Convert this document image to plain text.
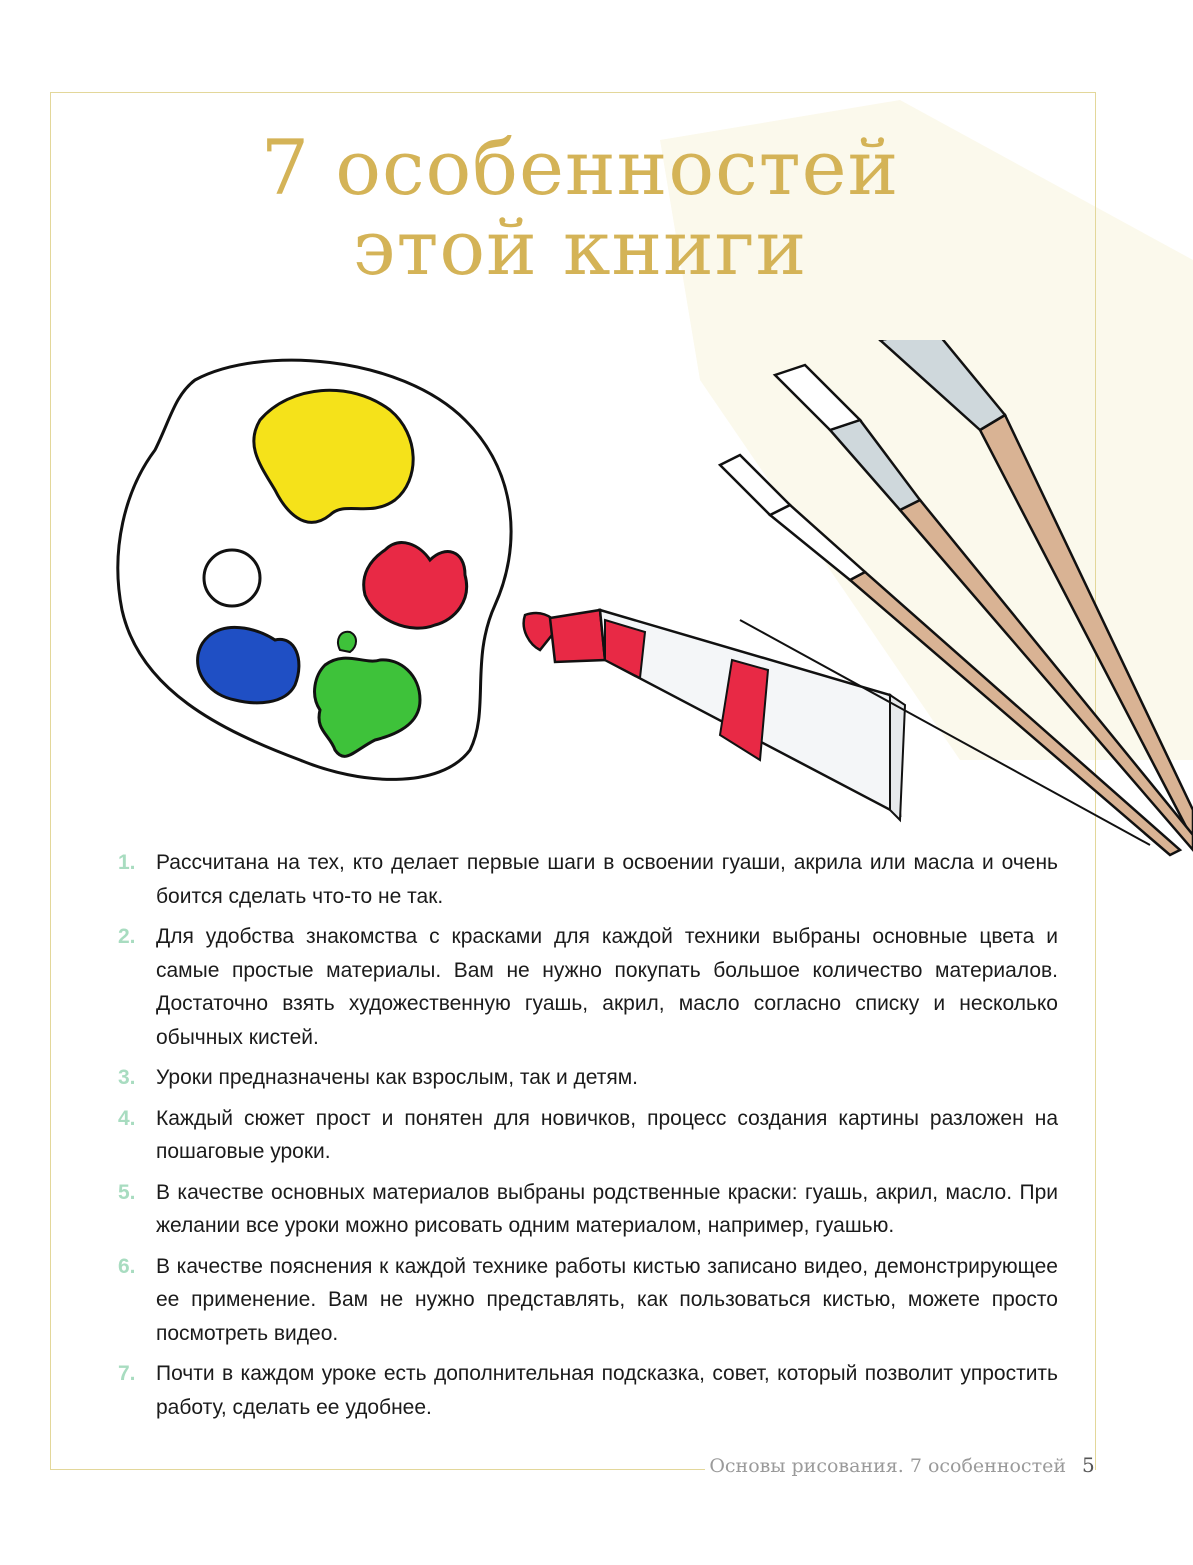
7 особенностей
этой книги
1. Рассчитана на тех, кто делает первые шаги в освоении гуаши, акрила или масла и очень боится сделать что-то не так.
2. Для удобства знакомства с красками для каждой техники выбраны основные цвета и самые простые материалы. Вам не нужно покупать большое количество материалов. Достаточно взять художественную гуашь, акрил, масло согласно списку и несколько обычных кистей.
3. Уроки предназначены как взрослым, так и детям.
4. Каждый сюжет прост и понятен для новичков, процесс создания картины разложен на пошаговые уроки.
5. В качестве основных материалов выбраны родственные краски: гуашь, акрил, масло. При желании все уроки можно рисовать одним материалом, например, гуашью.
6. В качестве пояснения к каждой технике работы кистью записано видео, демонстрирующее ее применение. Вам не нужно представлять, как пользоваться кистью, можете просто посмотреть видео.
7. Почти в каждом уроке есть дополнительная подсказка, совет, который позволит упростить работу, сделать ее удобнее.
Основы рисования. 7 особенностей 5
